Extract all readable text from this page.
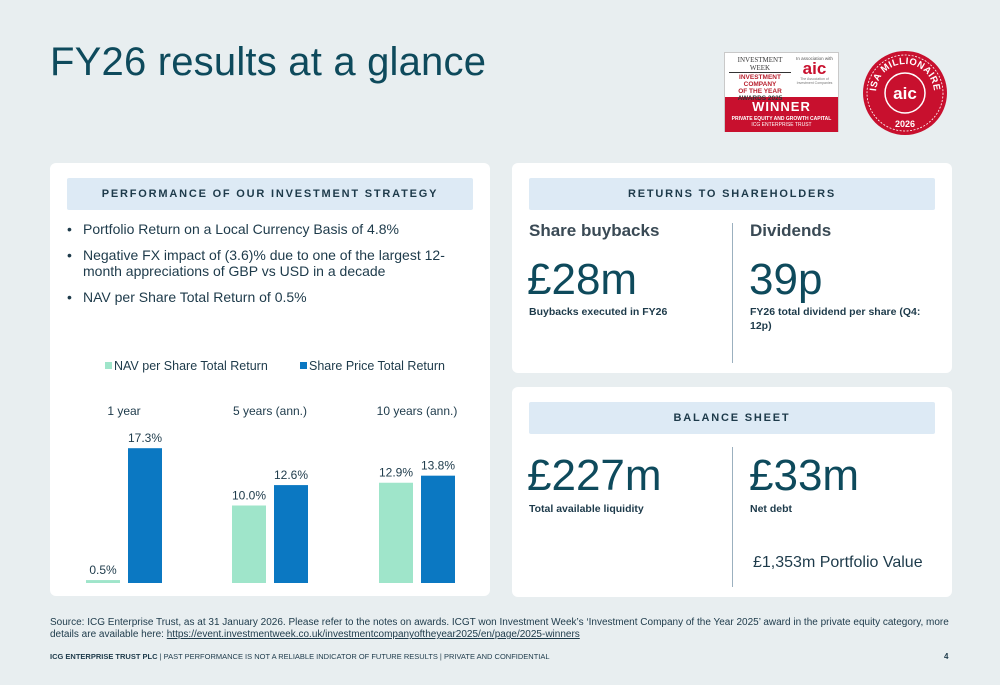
FY26 results at a glance	INVESTMENT WEEK
INVESTMENT COMPANY
OF THE YEAR
AWARDS 2025
In association with
aic
The Association of Investment Companies
WINNER
PRIVATE EQUITY AND GROWTH CAPITAL
ICG ENTERPRISE TRUST
ISA MILLIONAIRE
aic
2026
PERFORMANCE OF OUR INVESTMENT STRATEGY
• Portfolio Return on a Local Currency Basis of 4.8%
• Negative FX impact of (3.6)% due to one of the largest 12-month appreciations of GBP vs USD in a decade
• NAV per Share Total Return of 0.5%
NAV per Share Total Return	Share Price Total Return
1 year
0.5%
17.3%
5 years (ann.)
10.0%
12.6%
10 years (ann.)
12.9%
13.8%
RETURNS TO SHAREHOLDERS
Share buybacks
£28m
Buybacks executed in FY26
Dividends
39p
FY26 total dividend per share (Q4: 12p)
BALANCE SHEET
£227m
Total available liquidity
£33m
Net debt
£1,353m Portfolio Value
Source: ICG Enterprise Trust, as at 31 January 2026. Please refer to the notes on awards. ICGT won Investment Week’s ‘Investment Company of the Year 2025’ award in the private equity category, more details are available here: https://event.investmentweek.co.uk/investmentcompanyoftheyear2025/en/page/2025-winners
ICG ENTERPRISE TRUST PLC | PAST PERFORMANCE IS NOT A RELIABLE INDICATOR OF FUTURE RESULTS | PRIVATE AND CONFIDENTIAL	4
